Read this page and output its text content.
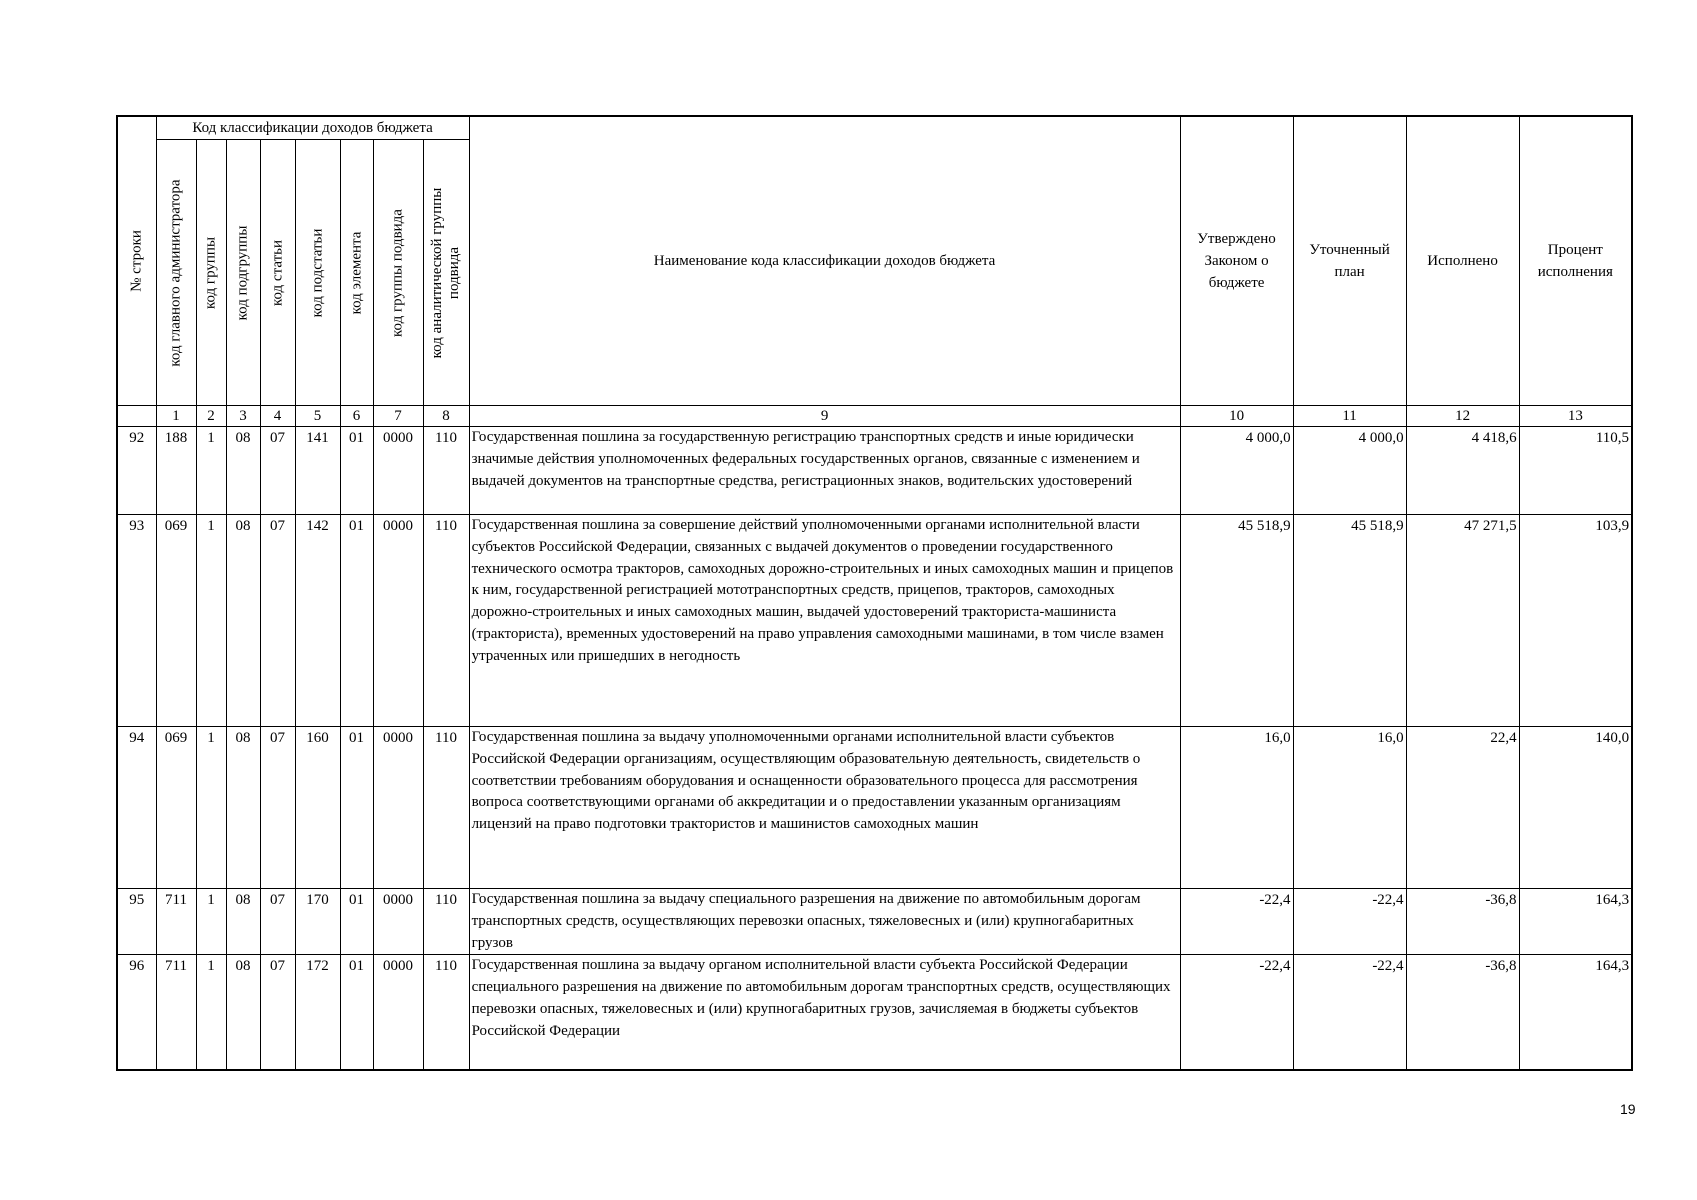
№ строки	Код классификации доходов бюджета								Наименование кода классификации доходов бюджета	Утверждено Законом о бюджете	Уточненный план	Исполнено	Процент исполнения

	код главного администратора	код группы	код подгруппы	код статьи	код подстатьи	код элемента	код группы подвида	код аналитической группы подвида					

	1	2	3	4	5	6	7	8	9	10	11	12	13
92	188	1	08	07	141	01	0000	110	Государственная пошлина за государственную регистрацию транспортных средств и иные юридически значимые действия уполномоченных федеральных государственных органов, связанные с изменением и выдачей документов на транспортные средства, регистрационных знаков, водительских удостоверений	4 000,0	4 000,0	4 418,6	110,5
93	069	1	08	07	142	01	0000	110	Государственная пошлина за совершение действий уполномоченными органами исполнительной власти субъектов Российской Федерации, связанных с выдачей документов о проведении государственного технического осмотра тракторов, самоходных дорожно-строительных и иных самоходных машин и прицепов к ним, государственной регистрацией мототранспортных средств, прицепов, тракторов, самоходных дорожно-строительных и иных самоходных машин, выдачей удостоверений тракториста-машиниста (тракториста), временных удостоверений на право управления самоходными машинами, в том числе взамен утраченных или пришедших в негодность	45 518,9	45 518,9	47 271,5	103,9
94	069	1	08	07	160	01	0000	110	Государственная пошлина за выдачу уполномоченными органами исполнительной власти субъектов Российской Федерации организациям, осуществляющим образовательную деятельность, свидетельств о соответствии требованиям оборудования и оснащенности образовательного процесса для рассмотрения вопроса соответствующими органами об аккредитации и о предоставлении указанным организациям лицензий на право подготовки трактористов и машинистов самоходных машин	16,0	16,0	22,4	140,0
95	711	1	08	07	170	01	0000	110	Государственная пошлина за выдачу специального разрешения на движение по автомобильным дорогам транспортных средств, осуществляющих перевозки опасных, тяжеловесных и (или) крупногабаритных грузов	-22,4	-22,4	-36,8	164,3
96	711	1	08	07	172	01	0000	110	Государственная пошлина за выдачу органом исполнительной власти субъекта Российской Федерации специального разрешения на движение по автомобильным дорогам транспортных средств, осуществляющих перевозки опасных, тяжеловесных и (или) крупногабаритных грузов, зачисляемая в бюджеты субъектов Российской Федерации	-22,4	-22,4	-36,8	164,3
19
